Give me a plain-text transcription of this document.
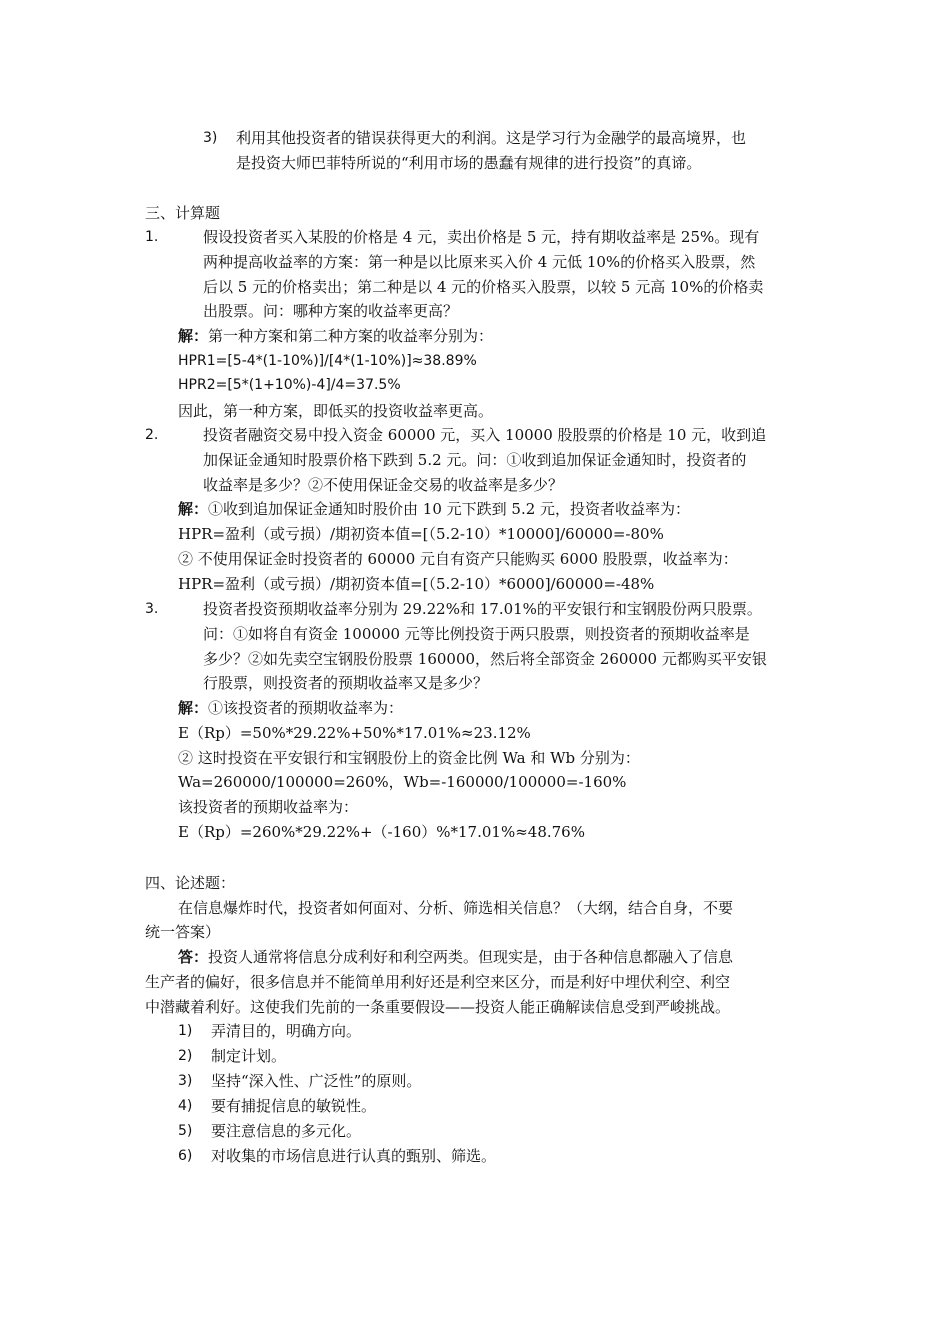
3) 利用其他投资者的错误获得更大的利润。这是学习行为金融学的最高境界，也
是投资大师巴菲特所说的“利用市场的愚蠢有规律的进行投资”的真谛。
三、计算题
1.	假设投资者买入某股的价格是 4 元，卖出价格是 5 元，持有期收益率是 25%。现有
两种提高收益率的方案：第一种是以比原来买入价 4 元低 10%的价格买入股票，然
后以 5 元的价格卖出；第二种是以 4 元的价格买入股票，以较 5 元高 10%的价格卖
出股票。问：哪种方案的收益率更高？
解：第一种方案和第二种方案的收益率分别为：
HPR1=[5-4*(1-10%)]/[4*(1-10%)]≈38.89%
HPR2=[5*(1+10%)-4]/4=37.5%
因此，第一种方案，即低买的投资收益率更高。
2.	投资者融资交易中投入资金 60000 元，买入 10000 股股票的价格是 10 元，收到追
加保证金通知时股票价格下跌到 5.2 元。问：①收到追加保证金通知时，投资者的
收益率是多少？②不使用保证金交易的收益率是多少？
解：①收到追加保证金通知时股价由 10 元下跌到 5.2 元，投资者收益率为：
HPR=盈利（或亏损）/期初资本值=[（5.2-10）*10000]/60000=-80%
② 不使用保证金时投资者的 60000 元自有资产只能购买 6000 股股票，收益率为：
HPR=盈利（或亏损）/期初资本值=[（5.2-10）*6000]/60000=-48%
3.	投资者投资预期收益率分别为 29.22%和 17.01%的平安银行和宝钢股份两只股票。
问：①如将自有资金 100000 元等比例投资于两只股票，则投资者的预期收益率是
多少？②如先卖空宝钢股份股票 160000，然后将全部资金 260000 元都购买平安银
行股票，则投资者的预期收益率又是多少？
解：①该投资者的预期收益率为：
E（Rp）=50%*29.22%+50%*17.01%≈23.12%
② 这时投资在平安银行和宝钢股份上的资金比例 Wa 和 Wb 分别为：
Wa=260000/100000=260%，Wb=-160000/100000=-160%
该投资者的预期收益率为：
E（Rp）=260%*29.22%+（-160）%*17.01%≈48.76%
四、论述题：
在信息爆炸时代，投资者如何面对、分析、筛选相关信息？（大纲，结合自身，不要
统一答案）
答：投资人通常将信息分成利好和利空两类。但现实是，由于各种信息都融入了信息
生产者的偏好，很多信息并不能简单用利好还是利空来区分，而是利好中埋伏利空、利空
中潜藏着利好。这使我们先前的一条重要假设——投资人能正确解读信息受到严峻挑战。
1) 弄清目的，明确方向。
2) 制定计划。
3) 坚持“深入性、广泛性”的原则。
4) 要有捕捉信息的敏锐性。
5) 要注意信息的多元化。
6) 对收集的市场信息进行认真的甄别、筛选。
